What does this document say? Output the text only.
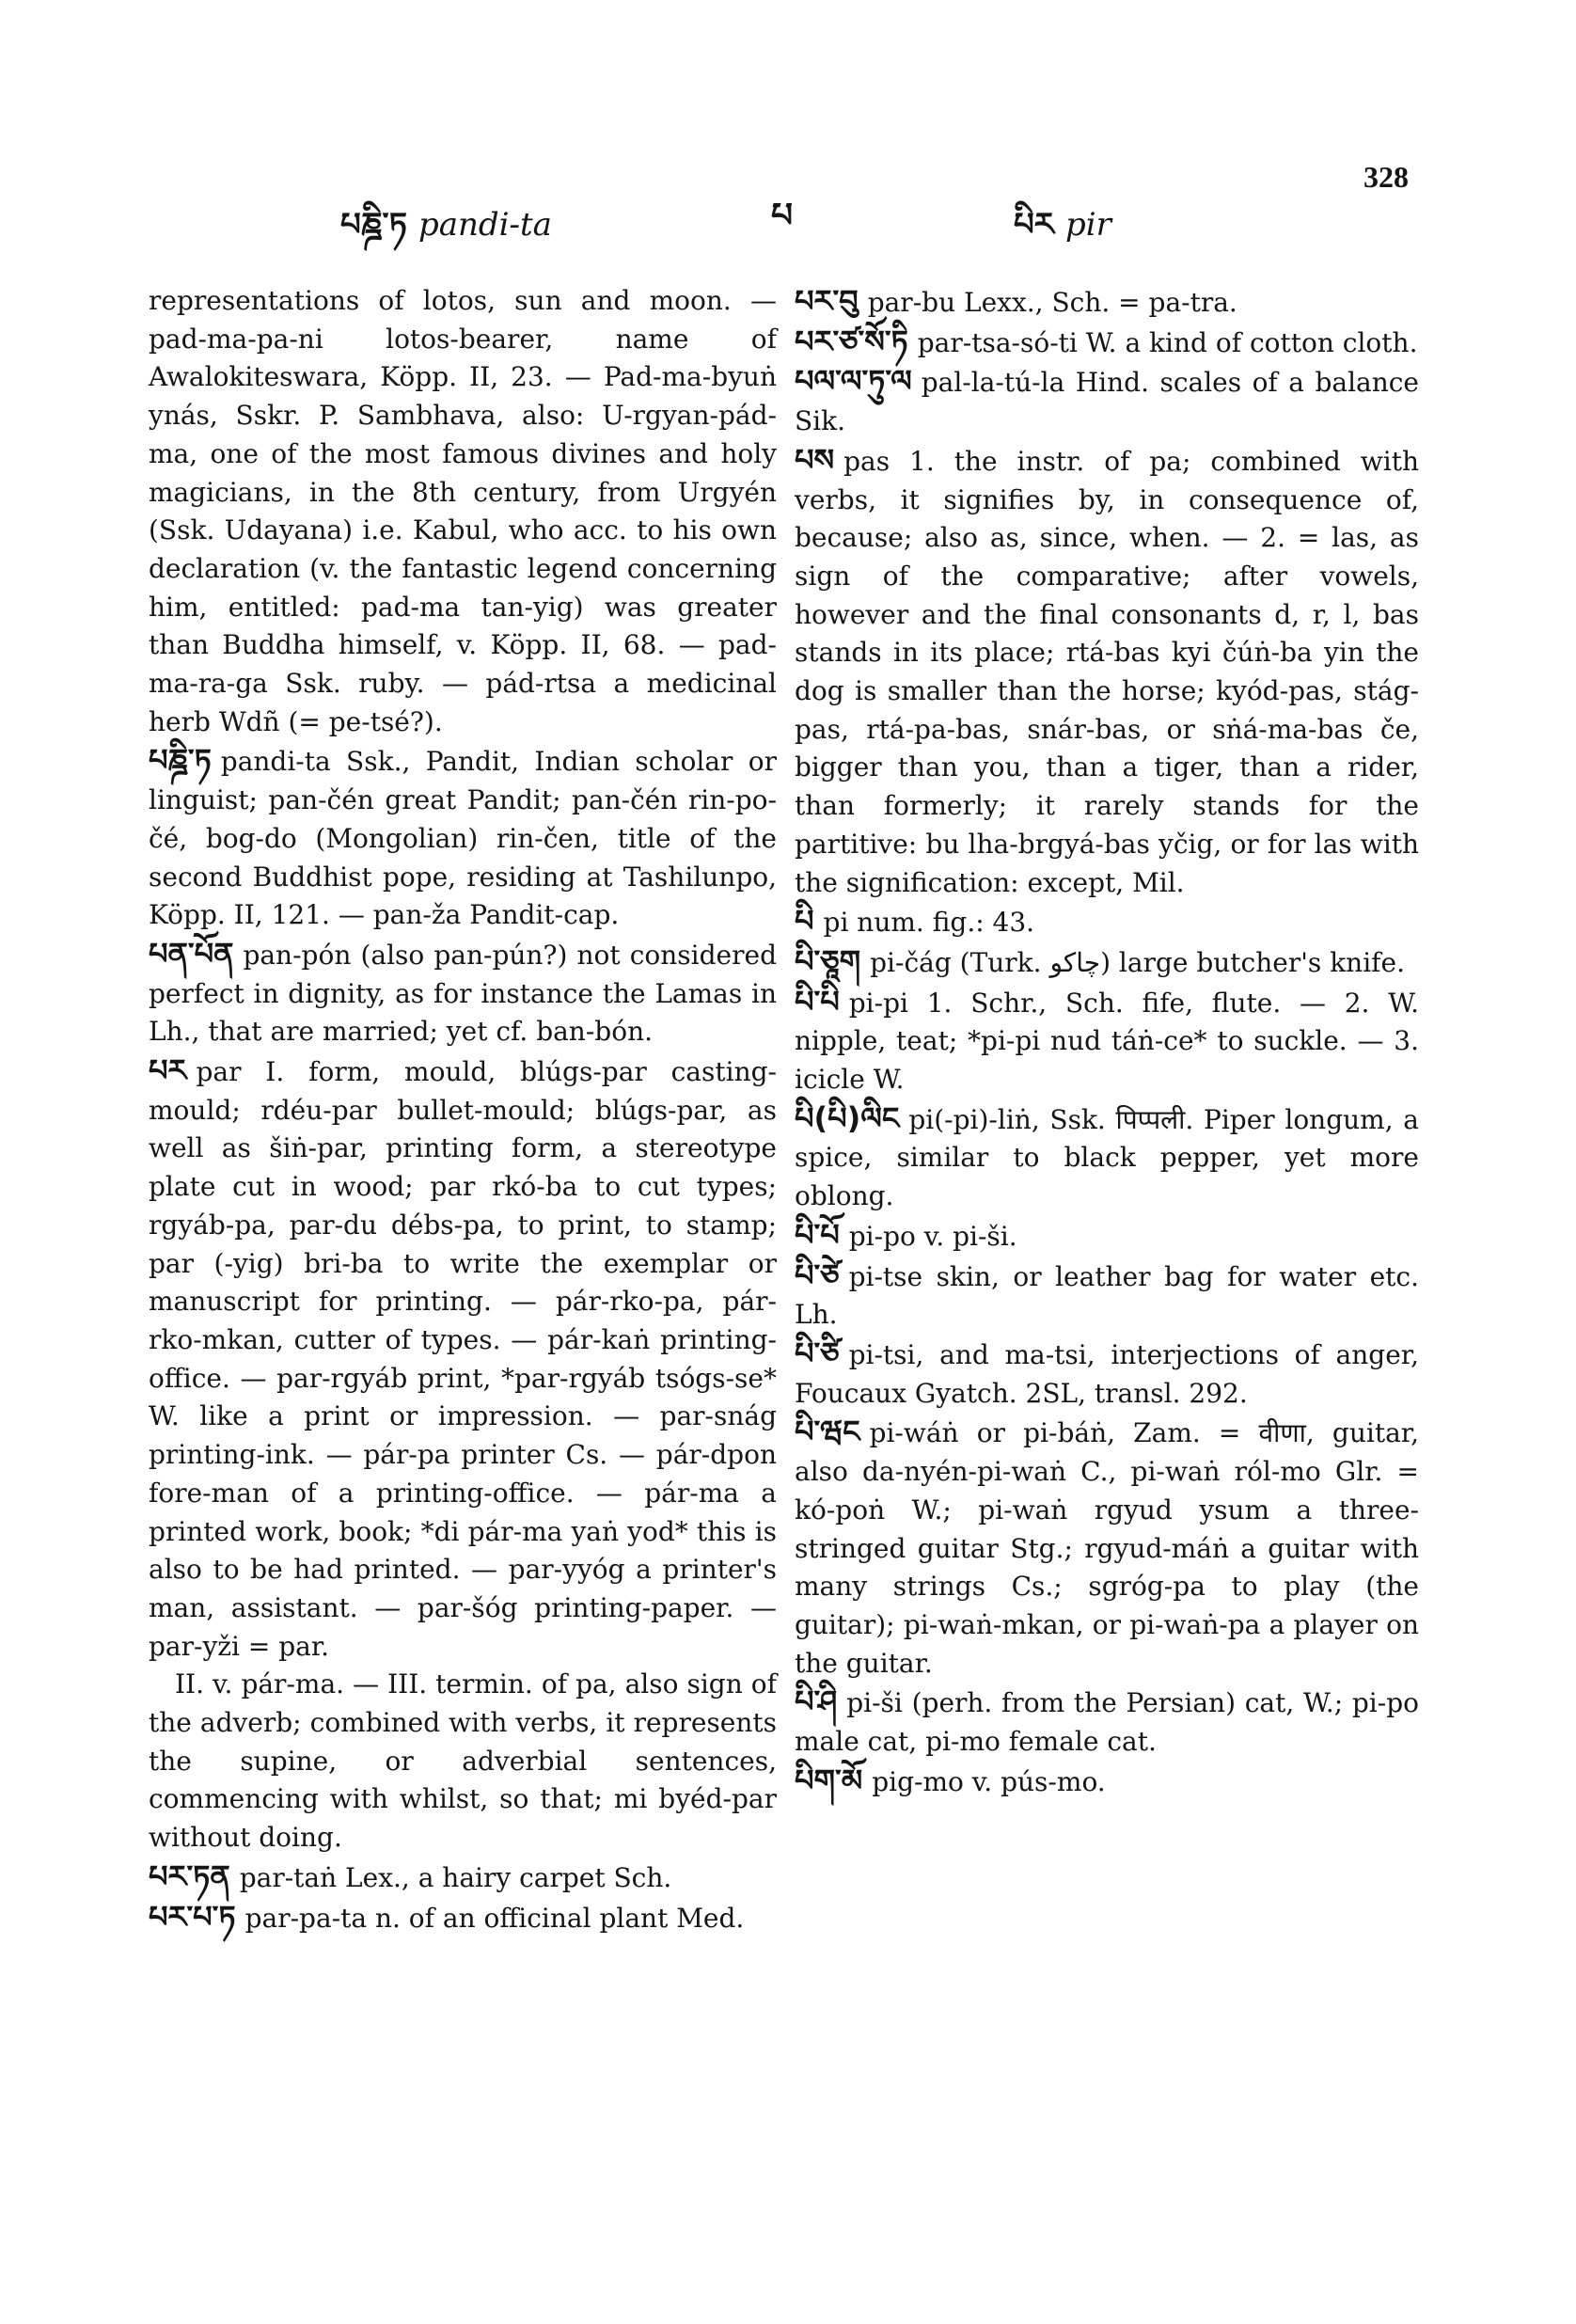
པཎྜི་ཏ pandi-ta	པ	པིར pir
328

representations of lotos, sun and moon. — pad-ma-pa-ni lotos-bearer, name of Awalokiteswara, Köpp. II, 23. — Pad-ma-byuṅ ynás, Sskr. P. Sambhava, also: U-rgyan-pád-ma, one of the most famous divines and holy magicians, in the 8th century, from Urgyén (Ssk. Udayana) i.e. Kabul, who acc. to his own declaration (v. the fantastic legend concerning him, entitled: pad-ma tan-yig) was greater than Buddha himself, v. Köpp. II, 68. — pad-ma-ra-ga Ssk. ruby. — pád-rtsa a medicinal herb Wdñ (= pe-tsé?).

པཎྜི་ཏ pandi-ta Ssk., Pandit, Indian scholar or linguist; pan-čén great Pandit; pan-čén rin-po-čé, bog-do (Mongolian) rin-čen, title of the second Buddhist pope, residing at Tashilunpo, Köpp. II, 121. — pan-ža Pandit-cap.

པན་པོན pan-pón (also pan-pún?) not considered perfect in dignity, as for instance the Lamas in Lh., that are married; yet cf. ban-bón.

པར par I. form, mould, blúgs-par casting-mould; rdéu-par bullet-mould; blúgs-par, as well as šiṅ-par, printing form, a stereotype plate cut in wood; par rkó-ba to cut types; rgyáb-pa, par-du débs-pa, to print, to stamp; par (-yig) bri-ba to write the exemplar or manuscript for printing. — pár-rko-pa, pár-rko-mkan, cutter of types. — pár-kaṅ printing-office. — par-rgyáb print, *par-rgyáb tsógs-se* W. like a print or impression. — par-snág printing-ink. — pár-pa printer Cs. — pár-dpon fore-man of a printing-office. — pár-ma a printed work, book; *di pár-ma yaṅ yod* this is also to be had printed. — par-yyóg a printer's man, assistant. — par-šóg printing-paper. — par-yži = par.

II. v. pár-ma. — III. termin. of pa, also sign of the adverb; combined with verbs, it represents the supine, or adverbial sentences, commencing with whilst, so that; mi byéd-par without doing.

པར་ཏན par-taṅ Lex., a hairy carpet Sch.

པར་པ་ཏ par-pa-ta n. of an officinal plant Med.

པར་བུ par-bu Lexx., Sch. = pa-tra.

པར་ཙ་སོ་ཏི par-tsa-só-ti W. a kind of cotton cloth.

པལ་ལ་ཏུ་ལ pal-la-tú-la Hind. scales of a balance Sik.

པས pas 1. the instr. of pa; combined with verbs, it signifies by, in consequence of, because; also as, since, when. — 2. = las, as sign of the comparative; after vowels, however and the final consonants d, r, l, bas stands in its place; rtá-bas kyi čúṅ-ba yin the dog is smaller than the horse; kyód-pas, stág-pas, rtá-pa-bas, snár-bas, or sṅá-ma-bas če, bigger than you, than a tiger, than a rider, than formerly; it rarely stands for the partitive: bu lha-brgyá-bas yčig, or for las with the signification: except, Mil.

པི pi num. fig.: 43.

པི་ཅཱག pi-čág (Turk. چاکو) large butcher's knife.

པི་པི pi-pi 1. Schr., Sch. fife, flute. — 2. W. nipple, teat; *pi-pi nud táṅ-ce* to suckle. — 3. icicle W.

པི(པི)ལིང pi(-pi)-liṅ, Ssk. पिप्पली. Piper longum, a spice, similar to black pepper, yet more oblong.

པི་པོ pi-po v. pi-ši.

པི་ཙེ pi-tse skin, or leather bag for water etc. Lh.

པི་ཙི pi-tsi, and ma-tsi, interjections of anger, Foucaux Gyatch. 2SL, transl. 292.

པི་ཝང pi-wáṅ or pi-báṅ, Zam. = वीणा, guitar, also da-nyén-pi-waṅ C., pi-waṅ ról-mo Glr. = kó-poṅ W.; pi-waṅ rgyud ysum a three-stringed guitar Stg.; rgyud-máṅ a guitar with many strings Cs.; sgróg-pa to play (the guitar); pi-waṅ-mkan, or pi-waṅ-pa a player on the guitar.

པི་ཤི pi-ši (perh. from the Persian) cat, W.; pi-po male cat, pi-mo female cat.

པིག་མོ pig-mo v. pús-mo.
